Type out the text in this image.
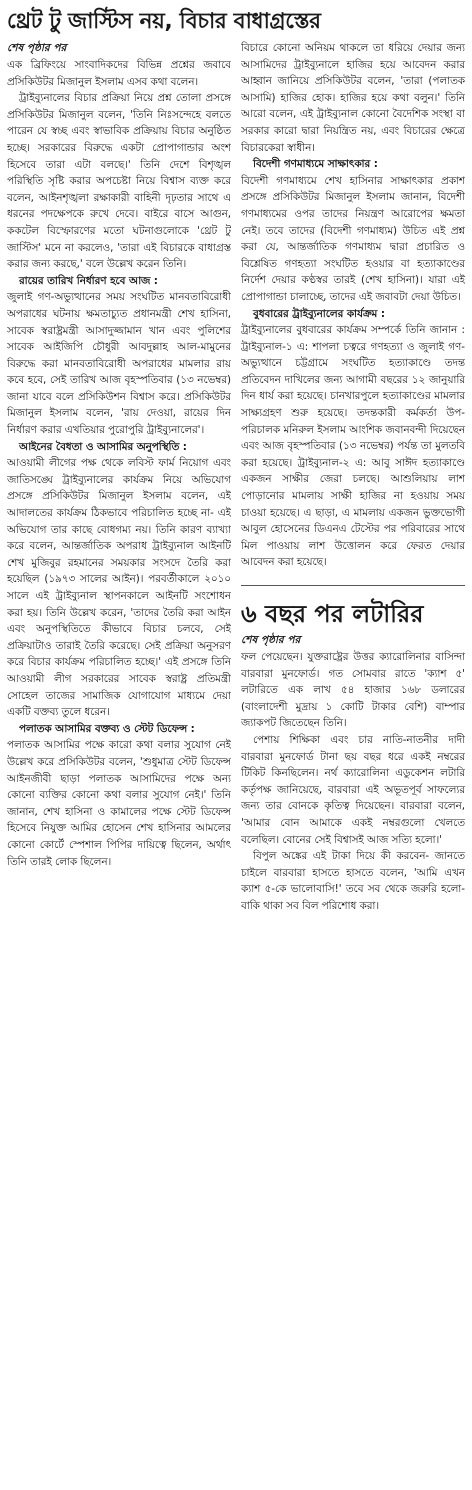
থ্রেট টু জাস্টিস নয়, বিচার বাধাগ্রস্তের
শেষ পৃষ্ঠার পর

এক ব্রিফিংয়ে সাংবাদিকদের বিভিন্ন প্রশ্নের জবাবে প্রসিকিউটর মিজানুল ইসলাম এসব কথা বলেন।

ট্রাইব্যুনালের বিচার প্রক্রিয়া নিয়ে প্রশ্ন তোলা প্রসঙ্গে প্রসিকিউটর মিজানুল বলেন, 'তিনি নিঃসন্দেহে বলতে পারেন যে স্বচ্ছ এবং স্বাভাবিক প্রক্রিয়ায় বিচার অনুষ্ঠিত হচ্ছে। সরকারের বিরুদ্ধে একটা প্রোপাগান্ডার অংশ হিসেবে তারা এটা বলছে।' তিনি দেশে বিশৃঙ্খল পরিস্থিতি সৃষ্টি করার অপচেষ্টা নিয়ে বিশ্বাস ব্যক্ত করে বলেন, আইনশৃঙ্খলা রক্ষাকারী বাহিনী দৃঢ়তার সাথে এ ধরনের পদক্ষেপকে রুখে দেবে। বাইরে বাসে আগুন, ককটেল বিস্ফোরণের মতো ঘটনাগুলোকে 'থ্রেট টু জাস্টিস' মনে না করলেও, 'তারা এই বিচারকে বাধাগ্রস্ত করার জন্য করছে,' বলে উল্লেখ করেন তিনি।

রায়ের তারিখ নির্ধারণ হবে আজ :

জুলাই গণ-অভ্যুত্থানের সময় সংঘটিত মানবতাবিরোধী অপরাধের ঘটনায় ক্ষমতাচ্যুত প্রধানমন্ত্রী শেখ হাসিনা, সাবেক স্বরাষ্ট্রমন্ত্রী আসাদুজ্জামান খান এবং পুলিশের সাবেক আইজিপি চৌধুরী আবদুল্লাহ আল-মামুনের বিরুদ্ধে করা মানবতাবিরোধী অপরাধের মামলার রায় কবে হবে, সেই তারিখ আজ বৃহস্পতিবার (১৩ নভেম্বর) জানা যাবে বলে প্রসিকিউশন বিশ্বাস করে। প্রসিকিউটর মিজানুল ইসলাম বলেন, 'রায় দেওয়া, রায়ের দিন নির্ধারণ করার এখতিয়ার পুরোপুরি ট্রাইব্যুনালের'।

আইনের বৈধতা ও আসামির অনুপস্থিতি :

আওয়ামী লীগের পক্ষ থেকে লবিস্ট ফার্ম নিয়োগ এবং জাতিসঙ্ঘে ট্রাইব্যুনালের কার্যক্রম নিয়ে অভিযোগ প্রসঙ্গে প্রসিকিউটর মিজানুল ইসলাম বলেন, এই আদালতের কার্যক্রম ঠিকভাবে পরিচালিত হচ্ছে না- এই অভিযোগ তার কাছে বোধগম্য নয়। তিনি কারণ ব্যাখ্যা করে বলেন, আন্তর্জাতিক অপরাধ ট্রাইব্যুনাল আইনটি শেখ মুজিবুর রহমানের সময়কার সংসদে তৈরি করা হয়েছিল (১৯৭৩ সালের আইন)। পরবর্তীকালে ২০১০ সালে এই ট্রাইব্যুনাল স্থাপনকালে আইনটি সংশোধন করা হয়। তিনি উল্লেখ করেন, 'তাদের তৈরি করা আইন এবং অনুপস্থিতিতে কীভাবে বিচার চলবে, সেই প্রক্রিয়াটাও তারাই তৈরি করেছে। সেই প্রক্রিয়া অনুসরণ করে বিচার কার্যক্রম পরিচালিত হচ্ছে।' এই প্রসঙ্গে তিনি আওয়ামী লীগ সরকারের সাবেক স্বরাষ্ট্র প্রতিমন্ত্রী সোহেল তাজের সামাজিক যোগাযোগ মাধ্যমে দেয়া একটি বক্তব্য তুলে ধরেন।

পলাতক আসামির বক্তব্য ও স্টেট ডিফেন্স :

পলাতক আসামির পক্ষে কারো কথা বলার সুযোগ নেই উল্লেখ করে প্রসিকিউটর বলেন, 'শুধুমাত্র স্টেট ডিফেন্স আইনজীবী ছাড়া পলাতক আসামিদের পক্ষে অন্য কোনো ব্যক্তির কোনো কথা বলার সুযোগ নেই।' তিনি জানান, শেখ হাসিনা ও কামালের পক্ষে স্টেট ডিফেন্স হিসেবে নিযুক্ত আমির হোসেন শেখ হাসিনার আমলের কোনো কোর্টে স্পেশাল পিপির দায়িত্বে ছিলেন, অর্থাৎ তিনি তারই লোক ছিলেন।

বিচারে কোনো অনিয়ম থাকলে তা ধরিয়ে দেয়ার জন্য আসামিদের ট্রাইব্যুনালে হাজির হয়ে আবেদন করার আহ্বান জানিয়ে প্রসিকিউটর বলেন, 'তারা (পলাতক আসামি) হাজির হোক। হাজির হয়ে কথা বলুন।' তিনি আরো বলেন, এই ট্রাইব্যুনাল কোনো বৈদেশিক সংস্থা বা সরকার কারো দ্বারা নিয়ন্ত্রিত নয়, এবং বিচারের ক্ষেত্রে বিচারকেরা স্বাধীন।

বিদেশী গণমাধ্যমে সাক্ষাৎকার :

বিদেশী গণমাধ্যমে শেখ হাসিনার সাক্ষাৎকার প্রকাশ প্রসঙ্গে প্রসিকিউটর মিজানুল ইসলাম জানান, বিদেশী গণমাধ্যমের ওপর তাদের নিয়ন্ত্রণ আরোপের ক্ষমতা নেই। তবে তাদের (বিদেশী গণমাধ্যম) উচিত এই প্রশ্ন করা যে, আন্তর্জাতিক গণমাধ্যম দ্বারা প্রচারিত ও বিশ্লেষিত গণহত্যা সংঘটিত হওয়ার বা হত্যাকাণ্ডের নির্দেশ দেয়ার কণ্ঠস্বর তারই (শেখ হাসিনা)। যারা এই প্রোপাগান্ডা চালাচ্ছে, তাদের এই জবাবটা দেয়া উচিত।

বুধবারের ট্রাইব্যুনালের কার্যক্রম :

ট্রাইব্যুনালের বুধবারের কার্যক্রম সম্পর্কে তিনি জানান : ট্রাইব্যুনাল-১ এ: শাপলা চত্বরে গণহত্যা ও জুলাই গণ-অভ্যুত্থানে চট্টগ্রামে সংঘটিত হত্যাকাণ্ডে তদন্ত প্রতিবেদন দাখিলের জন্য আগামী বছরের ১২ জানুয়ারি দিন ধার্য করা হয়েছে। চানখারপুলে হত্যাকাণ্ডের মামলার সাক্ষ্যগ্রহণ শুরু হয়েছে। তদন্তকারী কর্মকর্তা উপ-পরিচালক মনিরুল ইসলাম আংশিক জবানবন্দী দিয়েছেন এবং আজ বৃহস্পতিবার (১৩ নভেম্বর) পর্যন্ত তা মুলতবি করা হয়েছে। ট্রাইব্যুনাল-২ এ: আবু সাঈদ হত্যাকাণ্ডে একজন সাক্ষীর জেরা চলছে। আশুলিয়ায় লাশ পোড়ানোর মামলায় সাক্ষী হাজির না হওয়ায় সময় চাওয়া হয়েছে। এ ছাড়া, এ মামলায় একজন ভুক্তভোগী আবুল হোসেনের ডিএনএ টেস্টের পর পরিবারের সাথে মিল পাওয়ায় লাশ উত্তোলন করে ফেরত দেয়ার আবেদন করা হয়েছে।

৬ বছর পর লটারির
শেষ পৃষ্ঠার পর

ফল পেয়েছেন। যুক্তরাষ্ট্রের উত্তর ক্যারোলিনার বাসিন্দা বারবারা মুনফোর্ড। গত সোমবার রাতে 'ক্যাশ ৫' লটারিতে এক লাখ ৫৪ হাজার ১৬৮ ডলারের (বাংলাদেশী মুদ্রায় ১ কোটি টাকার বেশি) বাম্পার জ্যাকপট জিতেছেন তিনি।

পেশায় শিক্ষিকা এবং চার নাতি-নাতনীর দাদী বারবারা মুনফোর্ড টানা ছয় বছর ধরে একই নম্বরের টিকিট কিনছিলেন। নর্থ ক্যারোলিনা এডুকেশন লটারি কর্তৃপক্ষ জানিয়েছে, বারবারা এই অভূতপূর্ব সাফল্যের জন্য তার বোনকে কৃতিত্ব দিয়েছেন। বারবারা বলেন, 'আমার বোন আমাকে একই নম্বরগুলো খেলতে বলেছিল। বোনের সেই বিশ্বাসই আজ সত্যি হলো।'

বিপুল অঙ্কের এই টাকা দিয়ে কী করবেন- জানতে চাইলে বারবারা হাসতে হাসতে বলেন, 'আমি এখন ক্যাশ ৫-কে ভালোবাসি!' তবে সব থেকে জরুরি হলো- বাকি থাকা সব বিল পরিশোধ করা।
